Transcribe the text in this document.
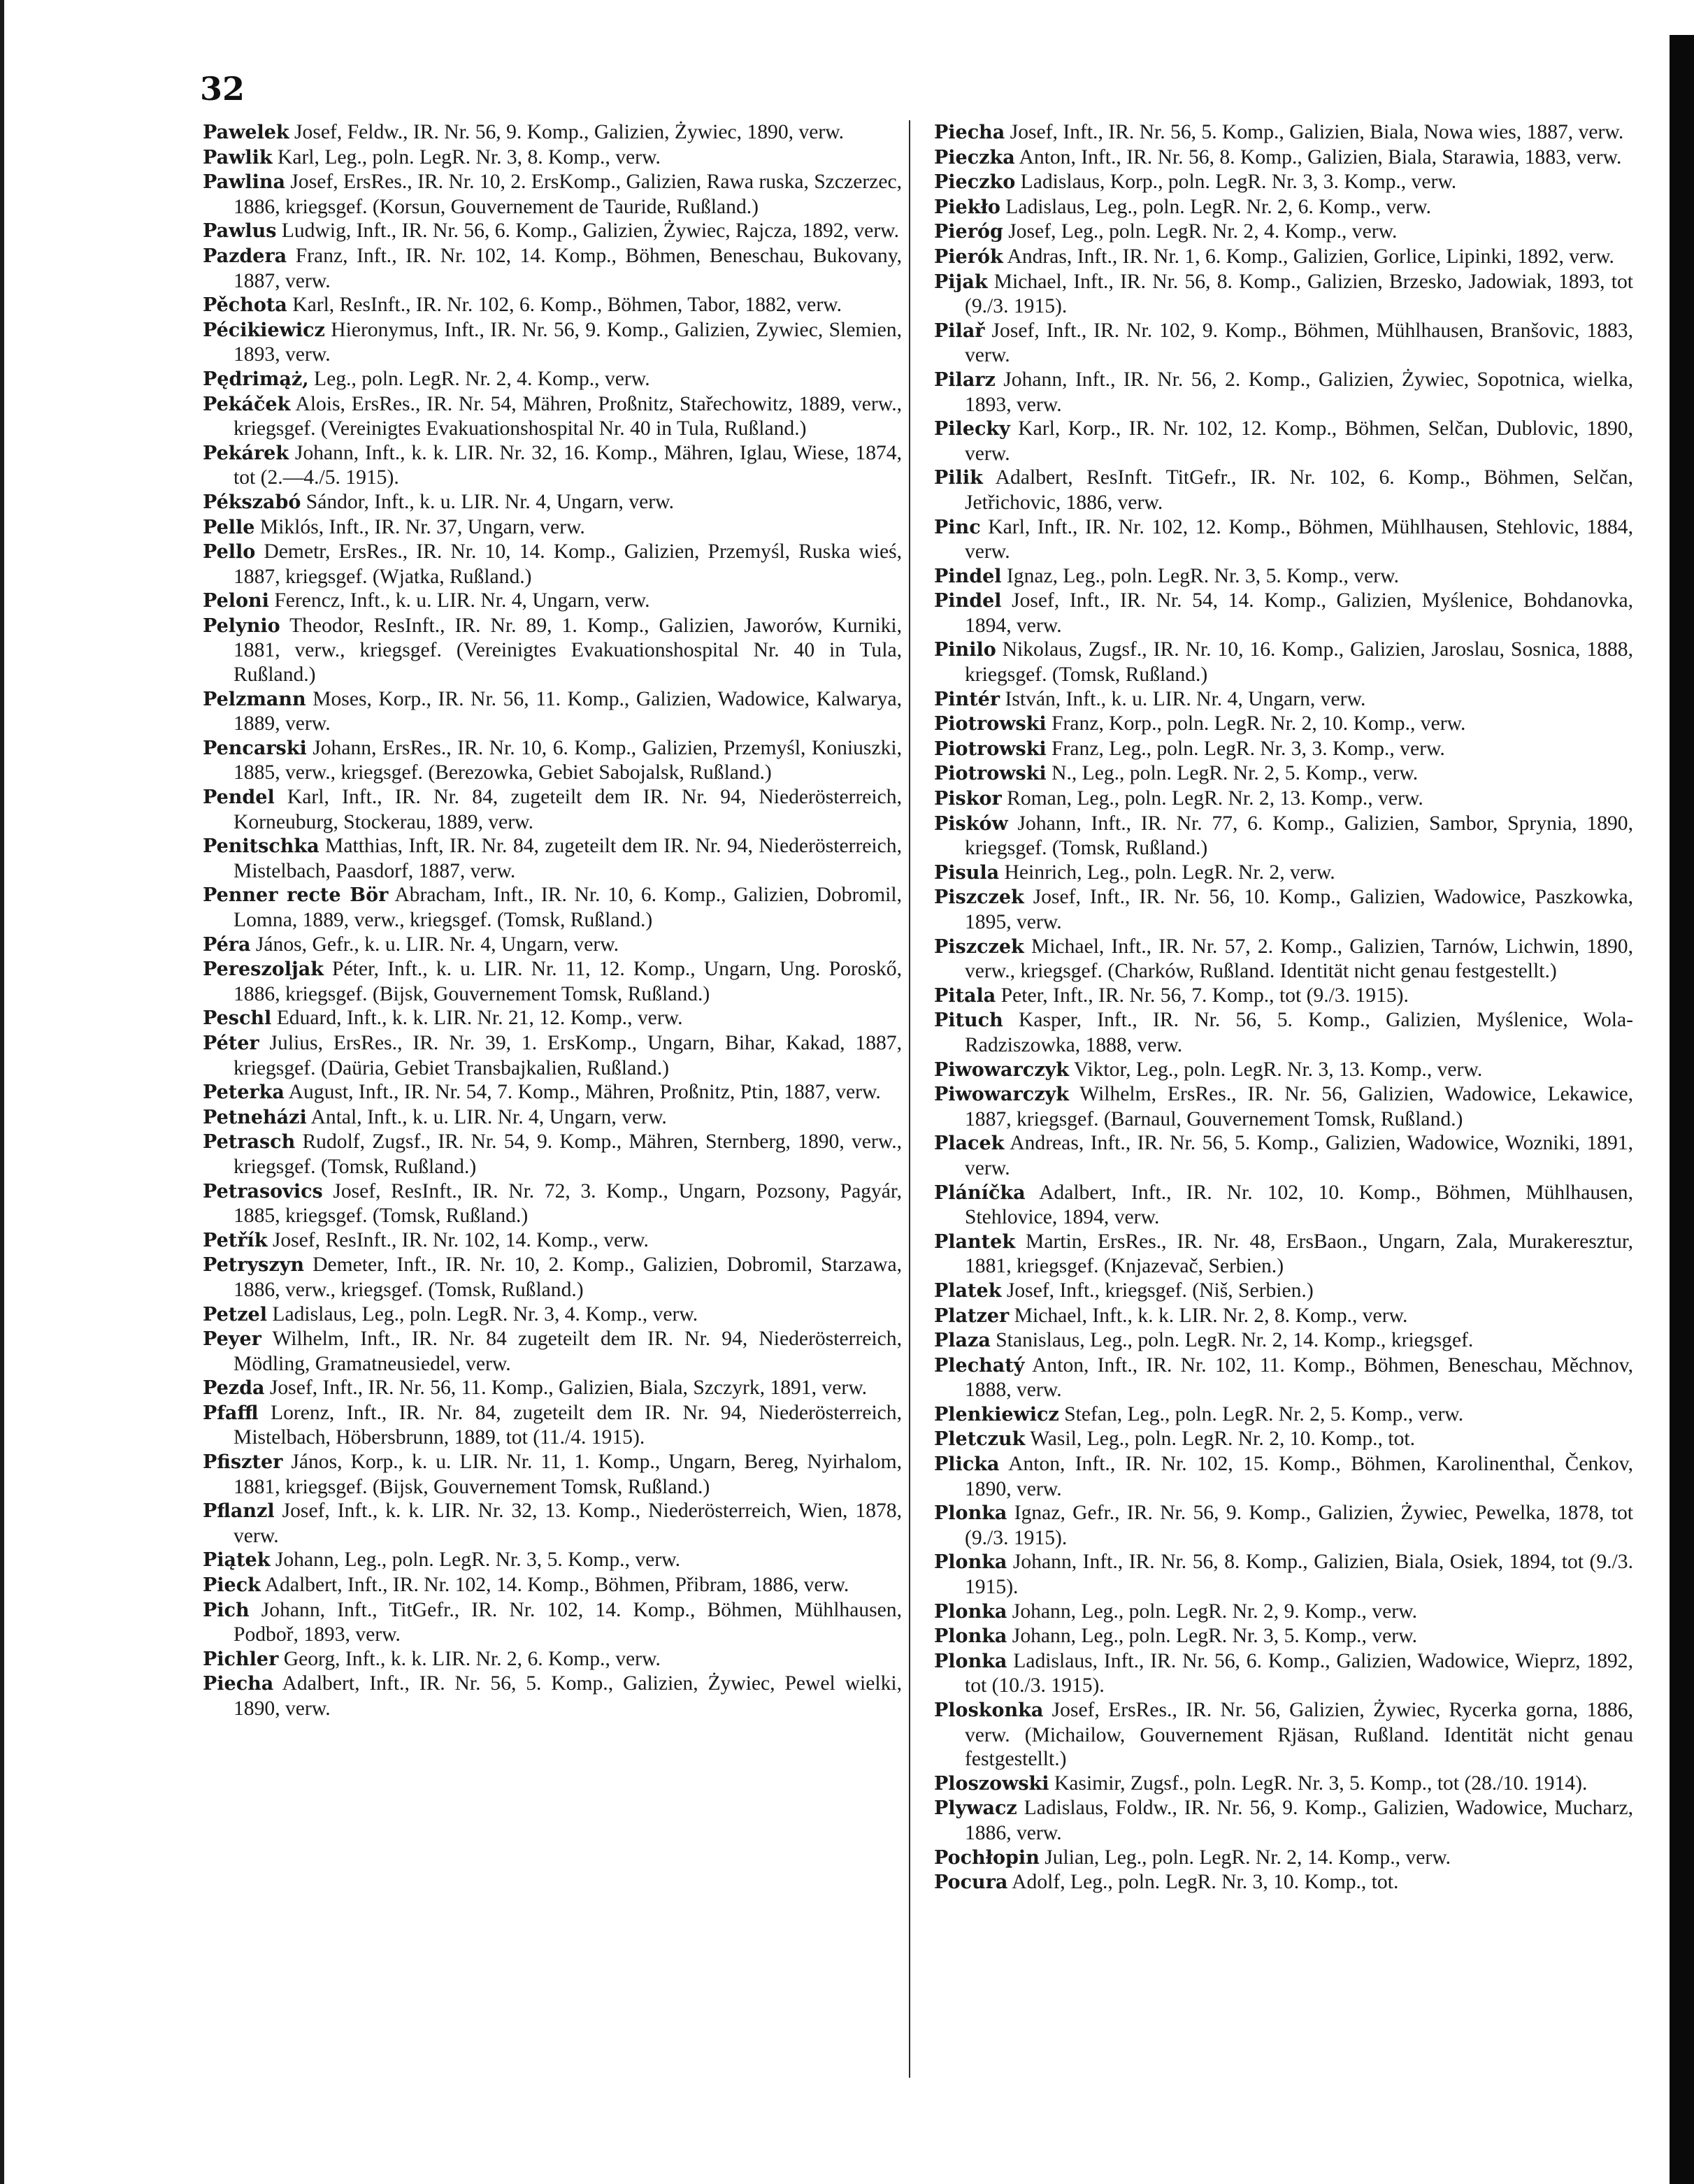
32

Pawelek Josef, Feldw., IR. Nr. 56, 9. Komp., Galizien, Żywiec, 1890, verw.

Pawlik Karl, Leg., poln. LegR. Nr. 3, 8. Komp., verw.

Pawlina Josef, ErsRes., IR. Nr. 10, 2. ErsKomp., Galizien, Rawa ruska, Szczerzec, 1886, kriegsgef. (Korsun, Gouvernement de Tauride, Rußland.)

Pawlus Ludwig, Inft., IR. Nr. 56, 6. Komp., Galizien, Żywiec, Rajcza, 1892, verw.

Pazdera Franz, Inft., IR. Nr. 102, 14. Komp., Böhmen, Beneschau, Bukovany, 1887, verw.

Pěchota Karl, ResInft., IR. Nr. 102, 6. Komp., Böhmen, Tabor, 1882, verw.

Pécikiewicz Hieronymus, Inft., IR. Nr. 56, 9. Komp., Galizien, Zywiec, Slemien, 1893, verw.

Pędrimąż, Leg., poln. LegR. Nr. 2, 4. Komp., verw.

Pekáček Alois, ErsRes., IR. Nr. 54, Mähren, Proßnitz, Stařechowitz, 1889, verw., kriegsgef. (Vereinigtes Evakuationshospital Nr. 40 in Tula, Rußland.)

Pekárek Johann, Inft., k. k. LIR. Nr. 32, 16. Komp., Mähren, Iglau, Wiese, 1874, tot (2.—4./5. 1915).

Pékszabó Sándor, Inft., k. u. LIR. Nr. 4, Ungarn, verw.

Pelle Miklós, Inft., IR. Nr. 37, Ungarn, verw.

Pello Demetr, ErsRes., IR. Nr. 10, 14. Komp., Galizien, Przemyśl, Ruska wieś, 1887, kriegsgef. (Wjatka, Rußland.)

Peloni Ferencz, Inft., k. u. LIR. Nr. 4, Ungarn, verw.

Pelynio Theodor, ResInft., IR. Nr. 89, 1. Komp., Galizien, Jaworów, Kurniki, 1881, verw., kriegsgef. (Vereinigtes Evakuationshospital Nr. 40 in Tula, Rußland.)

Pelzmann Moses, Korp., IR. Nr. 56, 11. Komp., Galizien, Wadowice, Kalwarya, 1889, verw.

Pencarski Johann, ErsRes., IR. Nr. 10, 6. Komp., Galizien, Przemyśl, Koniuszki, 1885, verw., kriegsgef. (Berezowka, Gebiet Sabojalsk, Rußland.)

Pendel Karl, Inft., IR. Nr. 84, zugeteilt dem IR. Nr. 94, Niederösterreich, Korneuburg, Stockerau, 1889, verw.

Penitschka Matthias, Inft, IR. Nr. 84, zugeteilt dem IR. Nr. 94, Niederösterreich, Mistelbach, Paasdorf, 1887, verw.

Penner recte Bör Abracham, Inft., IR. Nr. 10, 6. Komp., Galizien, Dobromil, Lomna, 1889, verw., kriegsgef. (Tomsk, Rußland.)

Péra János, Gefr., k. u. LIR. Nr. 4, Ungarn, verw.

Pereszoljak Péter, Inft., k. u. LIR. Nr. 11, 12. Komp., Ungarn, Ung. Poroskő, 1886, kriegsgef. (Bijsk, Gouvernement Tomsk, Rußland.)

Peschl Eduard, Inft., k. k. LIR. Nr. 21, 12. Komp., verw.

Péter Julius, ErsRes., IR. Nr. 39, 1. ErsKomp., Ungarn, Bihar, Kakad, 1887, kriegsgef. (Daüria, Gebiet Transbajkalien, Rußland.)

Peterka August, Inft., IR. Nr. 54, 7. Komp., Mähren, Proßnitz, Ptin, 1887, verw.

Petneházi Antal, Inft., k. u. LIR. Nr. 4, Ungarn, verw.

Petrasch Rudolf, Zugsf., IR. Nr. 54, 9. Komp., Mähren, Sternberg, 1890, verw., kriegsgef. (Tomsk, Rußland.)

Petrasovics Josef, ResInft., IR. Nr. 72, 3. Komp., Ungarn, Pozsony, Pagyár, 1885, kriegsgef. (Tomsk, Rußland.)

Petřík Josef, ResInft., IR. Nr. 102, 14. Komp., verw.

Petryszyn Demeter, Inft., IR. Nr. 10, 2. Komp., Galizien, Dobromil, Starzawa, 1886, verw., kriegsgef. (Tomsk, Rußland.)

Petzel Ladislaus, Leg., poln. LegR. Nr. 3, 4. Komp., verw.

Peyer Wilhelm, Inft., IR. Nr. 84 zugeteilt dem IR. Nr. 94, Niederösterreich, Mödling, Gramatneusiedel, verw.

Pezda Josef, Inft., IR. Nr. 56, 11. Komp., Galizien, Biala, Szczyrk, 1891, verw.

Pfaffl Lorenz, Inft., IR. Nr. 84, zugeteilt dem IR. Nr. 94, Niederösterreich, Mistelbach, Höbersbrunn, 1889, tot (11./4. 1915).

Pfiszter János, Korp., k. u. LIR. Nr. 11, 1. Komp., Ungarn, Bereg, Nyirhalom, 1881, kriegsgef. (Bijsk, Gouvernement Tomsk, Rußland.)

Pflanzl Josef, Inft., k. k. LIR. Nr. 32, 13. Komp., Niederösterreich, Wien, 1878, verw.

Piątek Johann, Leg., poln. LegR. Nr. 3, 5. Komp., verw.

Pieck Adalbert, Inft., IR. Nr. 102, 14. Komp., Böhmen, Přibram, 1886, verw.

Pich Johann, Inft., TitGefr., IR. Nr. 102, 14. Komp., Böhmen, Mühlhausen, Podboř, 1893, verw.

Pichler Georg, Inft., k. k. LIR. Nr. 2, 6. Komp., verw.

Piecha Adalbert, Inft., IR. Nr. 56, 5. Komp., Galizien, Żywiec, Pewel wielki, 1890, verw.

Piecha Josef, Inft., IR. Nr. 56, 5. Komp., Galizien, Biala, Nowa wies, 1887, verw.

Pieczka Anton, Inft., IR. Nr. 56, 8. Komp., Galizien, Biala, Starawia, 1883, verw.

Pieczko Ladislaus, Korp., poln. LegR. Nr. 3, 3. Komp., verw.

Piekło Ladislaus, Leg., poln. LegR. Nr. 2, 6. Komp., verw.

Pieróg Josef, Leg., poln. LegR. Nr. 2, 4. Komp., verw.

Pierók Andras, Inft., IR. Nr. 1, 6. Komp., Galizien, Gorlice, Lipinki, 1892, verw.

Pijak Michael, Inft., IR. Nr. 56, 8. Komp., Galizien, Brzesko, Jadowiak, 1893, tot (9./3. 1915).

Pilař Josef, Inft., IR. Nr. 102, 9. Komp., Böhmen, Mühlhausen, Branšovic, 1883, verw.

Pilarz Johann, Inft., IR. Nr. 56, 2. Komp., Galizien, Żywiec, Sopotnica, wielka, 1893, verw.

Pilecky Karl, Korp., IR. Nr. 102, 12. Komp., Böhmen, Selčan, Dublovic, 1890, verw.

Pilik Adalbert, ResInft. TitGefr., IR. Nr. 102, 6. Komp., Böhmen, Selčan, Jetřichovic, 1886, verw.

Pinc Karl, Inft., IR. Nr. 102, 12. Komp., Böhmen, Mühlhausen, Stehlovic, 1884, verw.

Pindel Ignaz, Leg., poln. LegR. Nr. 3, 5. Komp., verw.

Pindel Josef, Inft., IR. Nr. 54, 14. Komp., Galizien, Myślenice, Bohdanovka, 1894, verw.

Pinilo Nikolaus, Zugsf., IR. Nr. 10, 16. Komp., Galizien, Jaroslau, Sosnica, 1888, kriegsgef. (Tomsk, Rußland.)

Pintér István, Inft., k. u. LIR. Nr. 4, Ungarn, verw.

Piotrowski Franz, Korp., poln. LegR. Nr. 2, 10. Komp., verw.

Piotrowski Franz, Leg., poln. LegR. Nr. 3, 3. Komp., verw.

Piotrowski N., Leg., poln. LegR. Nr. 2, 5. Komp., verw.

Piskor Roman, Leg., poln. LegR. Nr. 2, 13. Komp., verw.

Pisków Johann, Inft., IR. Nr. 77, 6. Komp., Galizien, Sambor, Sprynia, 1890, kriegsgef. (Tomsk, Rußland.)

Pisula Heinrich, Leg., poln. LegR. Nr. 2, verw.

Piszczek Josef, Inft., IR. Nr. 56, 10. Komp., Galizien, Wadowice, Paszkowka, 1895, verw.

Piszczek Michael, Inft., IR. Nr. 57, 2. Komp., Galizien, Tarnów, Lichwin, 1890, verw., kriegsgef. (Charków, Rußland. Identität nicht genau festgestellt.)

Pitala Peter, Inft., IR. Nr. 56, 7. Komp., tot (9./3. 1915).

Pituch Kasper, Inft., IR. Nr. 56, 5. Komp., Galizien, Myślenice, Wola-Radziszowka, 1888, verw.

Piwowarczyk Viktor, Leg., poln. LegR. Nr. 3, 13. Komp., verw.

Piwowarczyk Wilhelm, ErsRes., IR. Nr. 56, Galizien, Wadowice, Lekawice, 1887, kriegsgef. (Barnaul, Gouvernement Tomsk, Rußland.)

Placek Andreas, Inft., IR. Nr. 56, 5. Komp., Galizien, Wadowice, Wozniki, 1891, verw.

Pláníčka Adalbert, Inft., IR. Nr. 102, 10. Komp., Böhmen, Mühlhausen, Stehlovice, 1894, verw.

Plantek Martin, ErsRes., IR. Nr. 48, ErsBaon., Ungarn, Zala, Murakeresztur, 1881, kriegsgef. (Knjazevač, Serbien.)

Platek Josef, Inft., kriegsgef. (Niš, Serbien.)

Platzer Michael, Inft., k. k. LIR. Nr. 2, 8. Komp., verw.

Plaza Stanislaus, Leg., poln. LegR. Nr. 2, 14. Komp., kriegsgef.

Plechatý Anton, Inft., IR. Nr. 102, 11. Komp., Böhmen, Beneschau, Měchnov, 1888, verw.

Plenkiewicz Stefan, Leg., poln. LegR. Nr. 2, 5. Komp., verw.

Pletczuk Wasil, Leg., poln. LegR. Nr. 2, 10. Komp., tot.

Plicka Anton, Inft., IR. Nr. 102, 15. Komp., Böhmen, Karolinenthal, Čenkov, 1890, verw.

Plonka Ignaz, Gefr., IR. Nr. 56, 9. Komp., Galizien, Żywiec, Pewelka, 1878, tot (9./3. 1915).

Plonka Johann, Inft., IR. Nr. 56, 8. Komp., Galizien, Biala, Osiek, 1894, tot (9./3. 1915).

Plonka Johann, Leg., poln. LegR. Nr. 2, 9. Komp., verw.

Plonka Johann, Leg., poln. LegR. Nr. 3, 5. Komp., verw.

Plonka Ladislaus, Inft., IR. Nr. 56, 6. Komp., Galizien, Wadowice, Wieprz, 1892, tot (10./3. 1915).

Ploskonka Josef, ErsRes., IR. Nr. 56, Galizien, Żywiec, Rycerka gorna, 1886, verw. (Michailow, Gouvernement Rjäsan, Rußland. Identität nicht genau festgestellt.)

Ploszowski Kasimir, Zugsf., poln. LegR. Nr. 3, 5. Komp., tot (28./10. 1914).

Plywacz Ladislaus, Foldw., IR. Nr. 56, 9. Komp., Galizien, Wadowice, Mucharz, 1886, verw.

Pochłopin Julian, Leg., poln. LegR. Nr. 2, 14. Komp., verw.

Pocura Adolf, Leg., poln. LegR. Nr. 3, 10. Komp., tot.
